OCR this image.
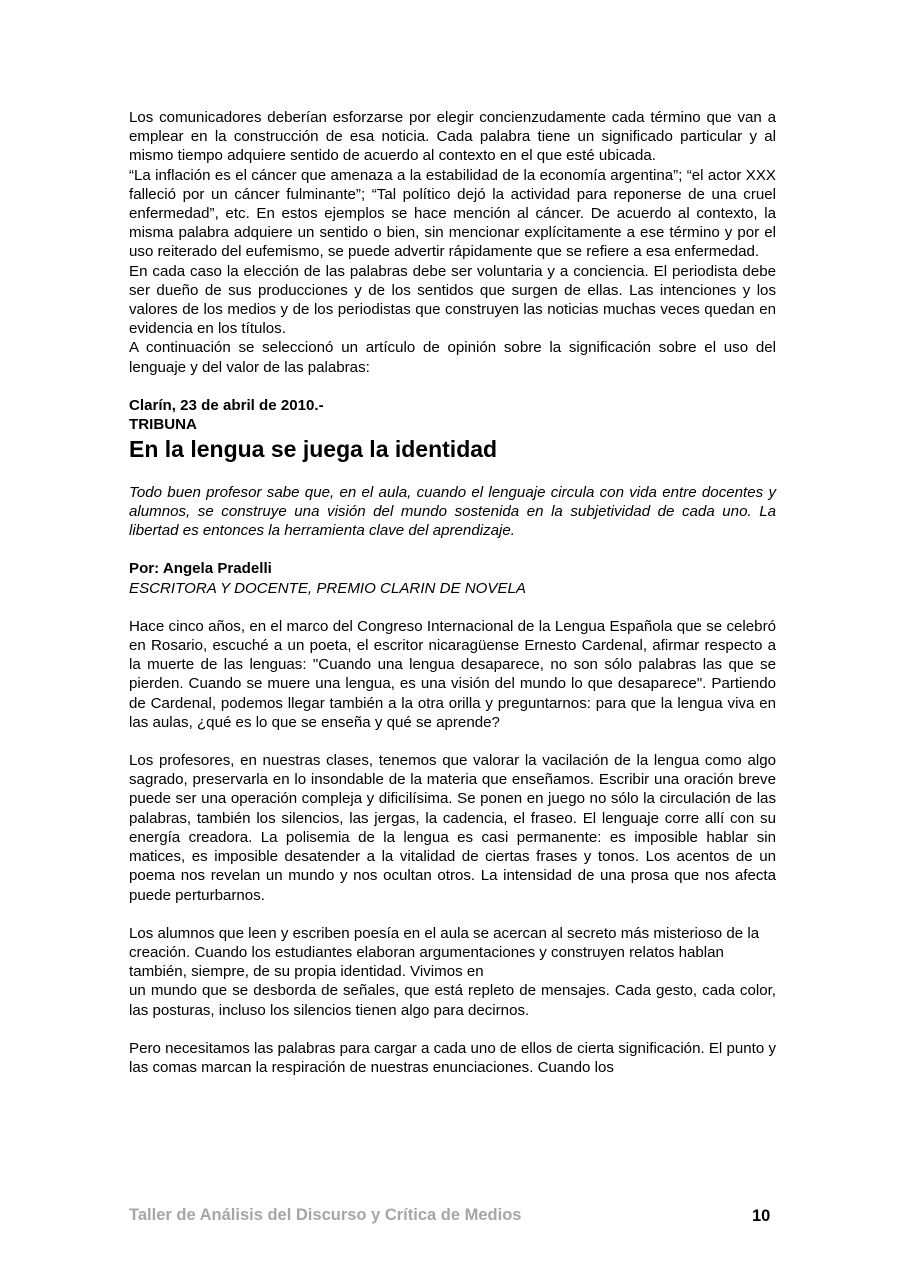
Los comunicadores deberían esforzarse por elegir concienzudamente cada término que van a emplear en la construcción de esa noticia. Cada palabra tiene un significado particular y al mismo tiempo adquiere sentido de acuerdo al contexto en el que esté ubicada.

“La inflación es el cáncer que amenaza a la estabilidad de la economía argentina”; “el actor XXX falleció por un cáncer fulminante”; “Tal político dejó la actividad para reponerse de una cruel enfermedad”, etc. En estos ejemplos se hace mención al cáncer. De acuerdo al contexto, la misma palabra adquiere un sentido o bien, sin mencionar explícitamente a ese término y por el uso reiterado del eufemismo, se puede advertir rápidamente que se refiere a esa enfermedad.

En cada caso la elección de las palabras debe ser voluntaria y a conciencia. El periodista debe ser dueño de sus producciones y de los sentidos que surgen de ellas. Las intenciones y los valores de los medios y de los periodistas que construyen las noticias muchas veces quedan en evidencia en los títulos.

A continuación se seleccionó un artículo de opinión sobre la significación sobre el uso del lenguaje y del valor de las palabras:

Clarín, 23 de abril de 2010.-

TRIBUNA

En la lengua se juega la identidad

Todo buen profesor sabe que, en el aula, cuando el lenguaje circula con vida entre docentes y alumnos, se construye una visión del mundo sostenida en la subjetividad de cada uno. La libertad es entonces la herramienta clave del aprendizaje.

Por: Angela Pradelli

ESCRITORA Y DOCENTE, PREMIO CLARIN DE NOVELA

Hace cinco años, en el marco del Congreso Internacional de la Lengua Española que se celebró en Rosario, escuché a un poeta, el escritor nicaragüense Ernesto Cardenal, afirmar respecto a la muerte de las lenguas: "Cuando una lengua desaparece, no son sólo palabras las que se pierden. Cuando se muere una lengua, es una visión del mundo lo que desaparece". Partiendo de Cardenal, podemos llegar también a la otra orilla y preguntarnos: para que la lengua viva en las aulas, ¿qué es lo que se enseña y qué se aprende?

Los profesores, en nuestras clases, tenemos que valorar la vacilación de la lengua como algo sagrado, preservarla en lo insondable de la materia que enseñamos. Escribir una oración breve puede ser una operación compleja y dificilísima. Se ponen en juego no sólo la circulación de las palabras, también los silencios, las jergas, la cadencia, el fraseo. El lenguaje corre allí con su energía creadora. La polisemia de la lengua es casi permanente: es imposible hablar sin matices, es imposible desatender a la vitalidad de ciertas frases y tonos. Los acentos de un poema nos revelan un mundo y nos ocultan otros. La intensidad de una prosa que nos afecta puede perturbarnos.

Los alumnos que leen y escriben poesía en el aula se acercan al secreto más misterioso de la creación. Cuando los estudiantes elaboran argumentaciones y construyen relatos hablan también, siempre, de su propia identidad. Vivimos en

un mundo que se desborda de señales, que está repleto de mensajes. Cada gesto, cada color, las posturas, incluso los silencios tienen algo para decirnos.

Pero necesitamos las palabras para cargar a cada uno de ellos de cierta significación. El punto y las comas marcan la respiración de nuestras enunciaciones. Cuando los

Taller de Análisis del Discurso y Crítica de Medios	10
